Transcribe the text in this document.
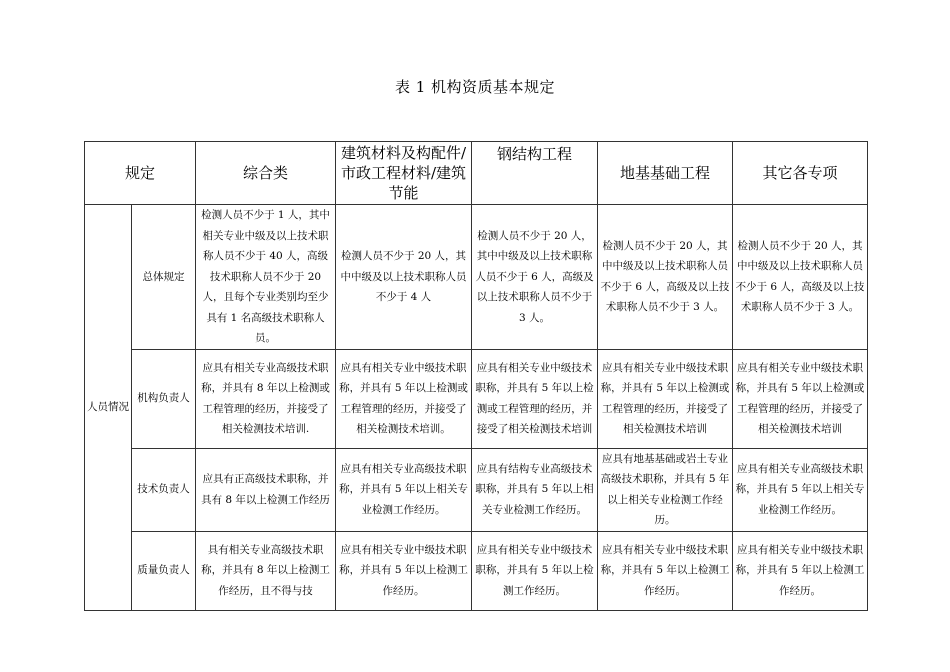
表 1 机构资质基本规定
规定		综合类	建筑材料及构配件/市政工程材料/建筑节能	钢结构工程	地基基础工程	其它各专项
人员情况	总体规定	检测人员不少于 1 人，其中相关专业中级及以上技术职称人员不少于 40 人，高级技术职称人员不少于 20 人，且每个专业类别均至少具有 1 名高级技术职称人员。	检测人员不少于 20 人，其中中级及以上技术职称人员不少于 4 人	检测人员不少于 20 人，其中中级及以上技术职称人员不少于 6 人，高级及以上技术职称人员不少于 3 人。	检测人员不少于 20 人，其中中级及以上技术职称人员不少于 6 人，高级及以上技术职称人员不少于 3 人。	检测人员不少于 20 人，其中中级及以上技术职称人员不少于 6 人，高级及以上技术职称人员不少于 3 人。
	机构负责人	应具有相关专业高级技术职称，并具有 8 年以上检测或工程管理的经历，并接受了相关检测技术培训.	应具有相关专业中级技术职称，并具有 5 年以上检测或工程管理的经历，并接受了相关检测技术培训。	应具有相关专业中级技术职称，并具有 5 年以上检测或工程管理的经历，并接受了相关检测技术培训	应具有相关专业中级技术职称，并具有 5 年以上检测或工程管理的经历，并接受了相关检测技术培训	应具有相关专业中级技术职称，并具有 5 年以上检测或工程管理的经历，并接受了相关检测技术培训
	技术负责人	应具有正高级技术职称，并具有 8 年以上检测工作经历	应具有相关专业高级技术职称，并具有 5 年以上相关专业检测工作经历。	应具有结构专业高级技术职称，并具有 5 年以上相关专业检测工作经历。	应具有地基基础或岩土专业高级技术职称，并具有 5 年以上相关专业检测工作经历。	应具有相关专业高级技术职称，并具有 5 年以上相关专业检测工作经历。
	质量负责人	具有相关专业高级技术职称，并具有 8 年以上检测工作经历，且不得与技	应具有相关专业中级技术职称，并具有 5 年以上检测工作经历。	应具有相关专业中级技术职称，并具有 5 年以上检测工作经历。	应具有相关专业中级技术职称，并具有 5 年以上检测工作经历。	应具有相关专业中级技术职称，并具有 5 年以上检测工作经历。
